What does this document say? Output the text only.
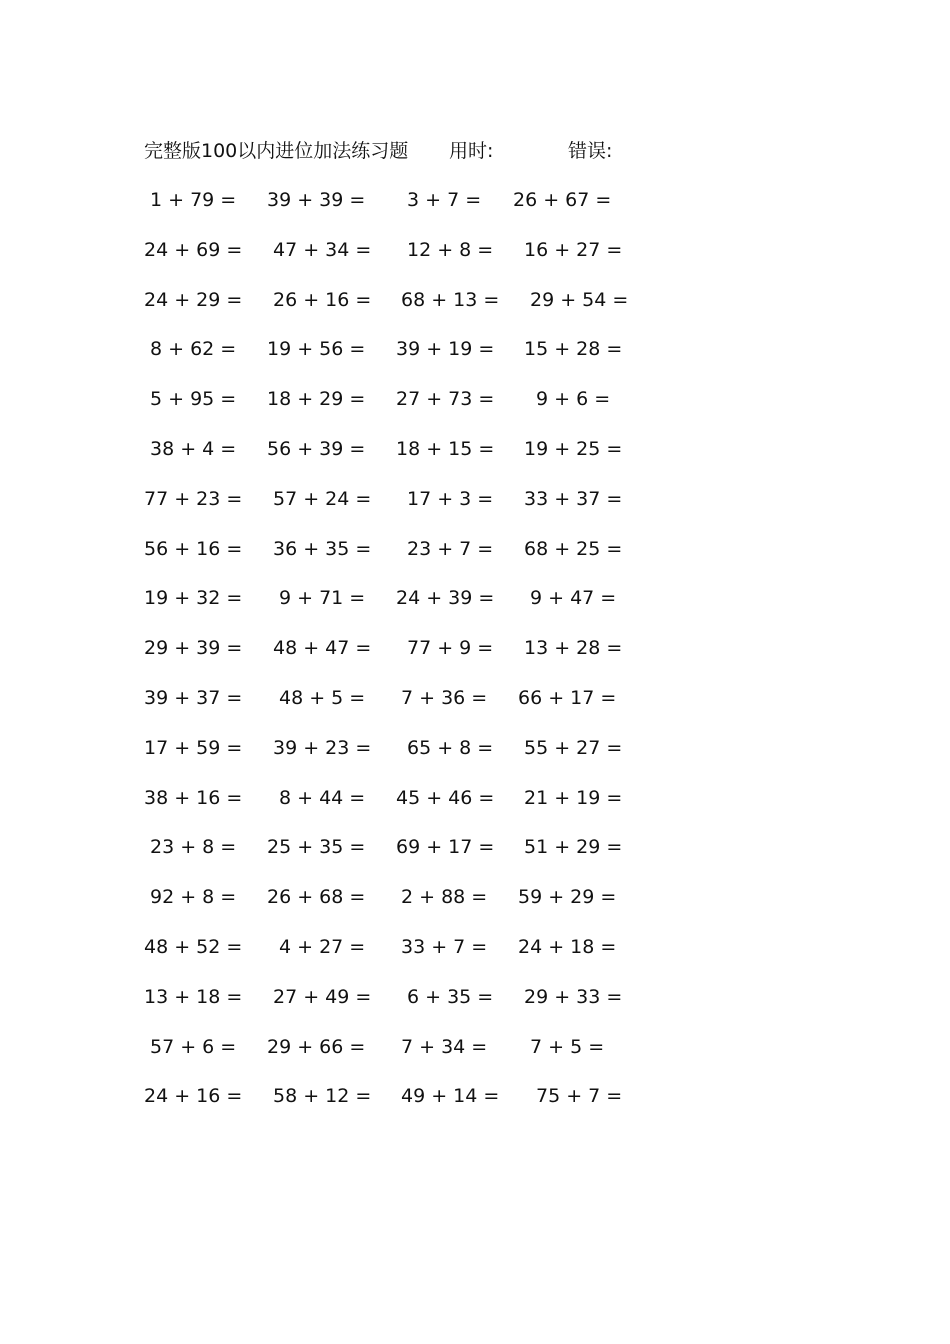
完整版100以内进位加法练习题 用时:	错误:
1 + 79 = 39 + 39 = 3 + 7 = 26 + 67 =
24 + 69 = 47 + 34 = 12 + 8 = 16 + 27 =
24 + 29 = 26 + 16 = 68 + 13 = 29 + 54 =
8 + 62 = 19 + 56 = 39 + 19 = 15 + 28 =
5 + 95 = 18 + 29 = 27 + 73 = 9 + 6 =
38 + 4 = 56 + 39 = 18 + 15 = 19 + 25 =
77 + 23 = 57 + 24 = 17 + 3 = 33 + 37 =
56 + 16 = 36 + 35 = 23 + 7 = 68 + 25 =
19 + 32 = 9 + 71 = 24 + 39 = 9 + 47 =
29 + 39 = 48 + 47 = 77 + 9 = 13 + 28 =
39 + 37 = 48 + 5 = 7 + 36 = 66 + 17 =
17 + 59 = 39 + 23 = 65 + 8 = 55 + 27 =
38 + 16 = 8 + 44 = 45 + 46 = 21 + 19 =
23 + 8 = 25 + 35 = 69 + 17 = 51 + 29 =
92 + 8 = 26 + 68 = 2 + 88 = 59 + 29 =
48 + 52 = 4 + 27 = 33 + 7 = 24 + 18 =
13 + 18 = 27 + 49 = 6 + 35 = 29 + 33 =
57 + 6 = 29 + 66 = 7 + 34 = 7 + 5 =
24 + 16 = 58 + 12 = 49 + 14 = 75 + 7 =
